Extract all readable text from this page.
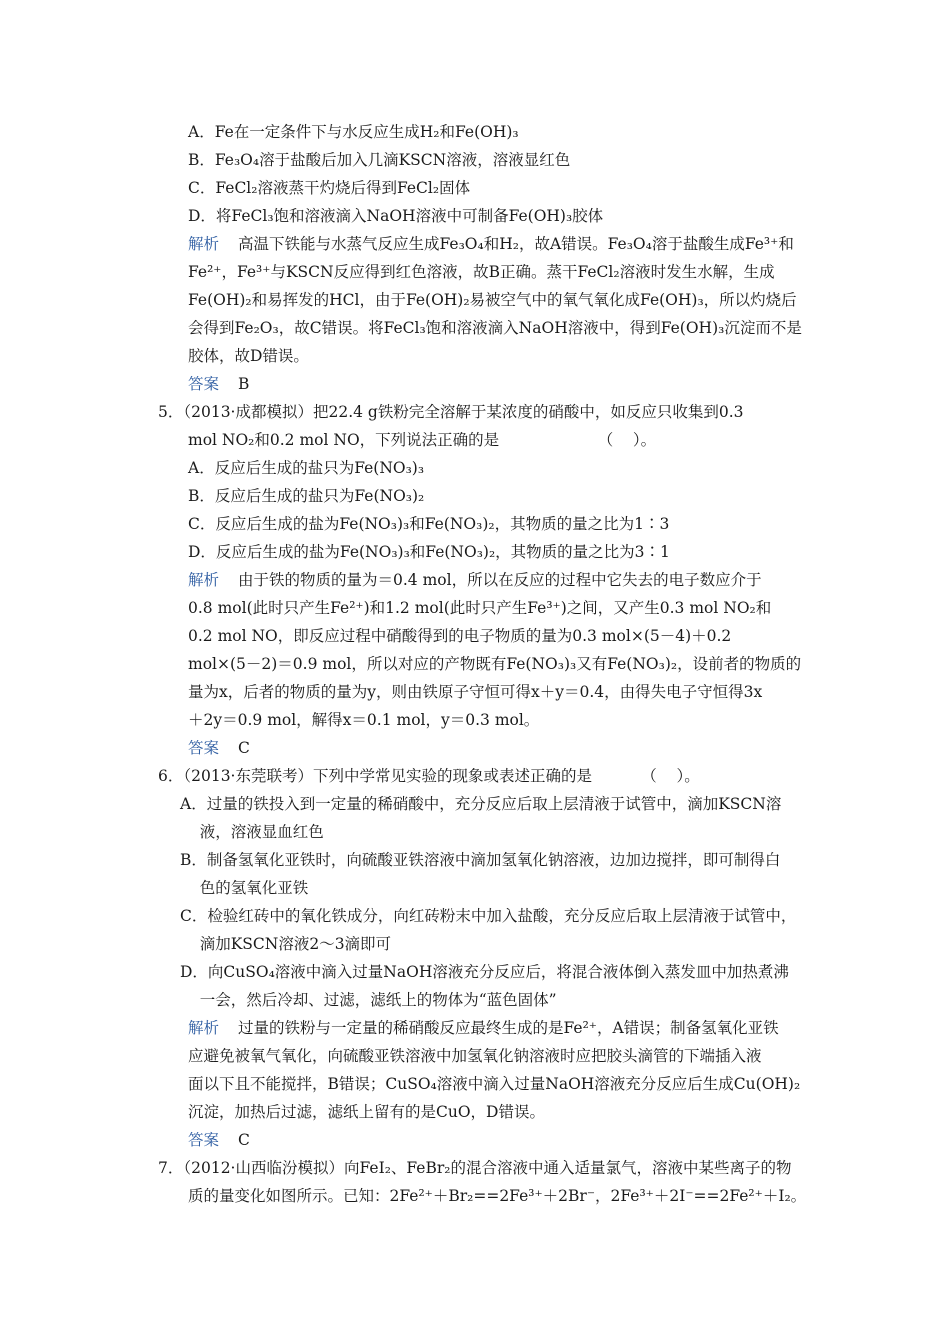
A．Fe在一定条件下与水反应生成H₂和Fe(OH)₃

B．Fe₃O₄溶于盐酸后加入几滴KSCN溶液，溶液显红色

C．FeCl₂溶液蒸干灼烧后得到FeCl₂固体

D．将FeCl₃饱和溶液滴入NaOH溶液中可制备Fe(OH)₃胶体

解析 高温下铁能与水蒸气反应生成Fe₃O₄和H₂，故A错误。Fe₃O₄溶于盐酸生成Fe³⁺和

Fe²⁺，Fe³⁺与KSCN反应得到红色溶液，故B正确。蒸干FeCl₂溶液时发生水解，生成

Fe(OH)₂和易挥发的HCl，由于Fe(OH)₂易被空气中的氧气氧化成Fe(OH)₃，所以灼烧后

会得到Fe₂O₃，故C错误。将FeCl₃饱和溶液滴入NaOH溶液中，得到Fe(OH)₃沉淀而不是

胶体，故D错误。

答案 B

5．（2013·成都模拟）把22.4 g铁粉完全溶解于某浓度的硝酸中，如反应只收集到0.3

mol NO₂和0.2 mol NO，下列说法正确的是                    （    ）。

A．反应后生成的盐只为Fe(NO₃)₃

B．反应后生成的盐只为Fe(NO₃)₂

C．反应后生成的盐为Fe(NO₃)₃和Fe(NO₃)₂，其物质的量之比为1∶3

D．反应后生成的盐为Fe(NO₃)₃和Fe(NO₃)₂，其物质的量之比为3∶1

解析 由于铁的物质的量为＝0.4 mol，所以在反应的过程中它失去的电子数应介于

0.8 mol(此时只产生Fe²⁺)和1.2 mol(此时只产生Fe³⁺)之间，又产生0.3 mol NO₂和

0.2 mol NO，即反应过程中硝酸得到的电子物质的量为0.3 mol×(5－4)＋0.2

mol×(5－2)＝0.9 mol，所以对应的产物既有Fe(NO₃)₃又有Fe(NO₃)₂，设前者的物质的

量为x，后者的物质的量为y，则由铁原子守恒可得x＋y＝0.4，由得失电子守恒得3x

＋2y＝0.9 mol，解得x＝0.1 mol，y＝0.3 mol。

答案 C

6．（2013·东莞联考）下列中学常见实验的现象或表述正确的是          （    ）。

A．过量的铁投入到一定量的稀硝酸中，充分反应后取上层清液于试管中，滴加KSCN溶

液，溶液显血红色

B．制备氢氧化亚铁时，向硫酸亚铁溶液中滴加氢氧化钠溶液，边加边搅拌，即可制得白

色的氢氧化亚铁

C．检验红砖中的氧化铁成分，向红砖粉末中加入盐酸，充分反应后取上层清液于试管中，

滴加KSCN溶液2～3滴即可

D．向CuSO₄溶液中滴入过量NaOH溶液充分反应后，将混合液体倒入蒸发皿中加热煮沸

一会，然后冷却、过滤，滤纸上的物体为“蓝色固体”

解析 过量的铁粉与一定量的稀硝酸反应最终生成的是Fe²⁺，A错误；制备氢氧化亚铁

应避免被氧气氧化，向硫酸亚铁溶液中加氢氧化钠溶液时应把胶头滴管的下端插入液

面以下且不能搅拌，B错误；CuSO₄溶液中滴入过量NaOH溶液充分反应后生成Cu(OH)₂

沉淀，加热后过滤，滤纸上留有的是CuO，D错误。

答案 C

7．（2012·山西临汾模拟）向FeI₂、FeBr₂的混合溶液中通入适量氯气，溶液中某些离子的物

质的量变化如图所示。已知：2Fe²⁺＋Br₂==2Fe³⁺＋2Br⁻，2Fe³⁺＋2I⁻==2Fe²⁺＋I₂。
